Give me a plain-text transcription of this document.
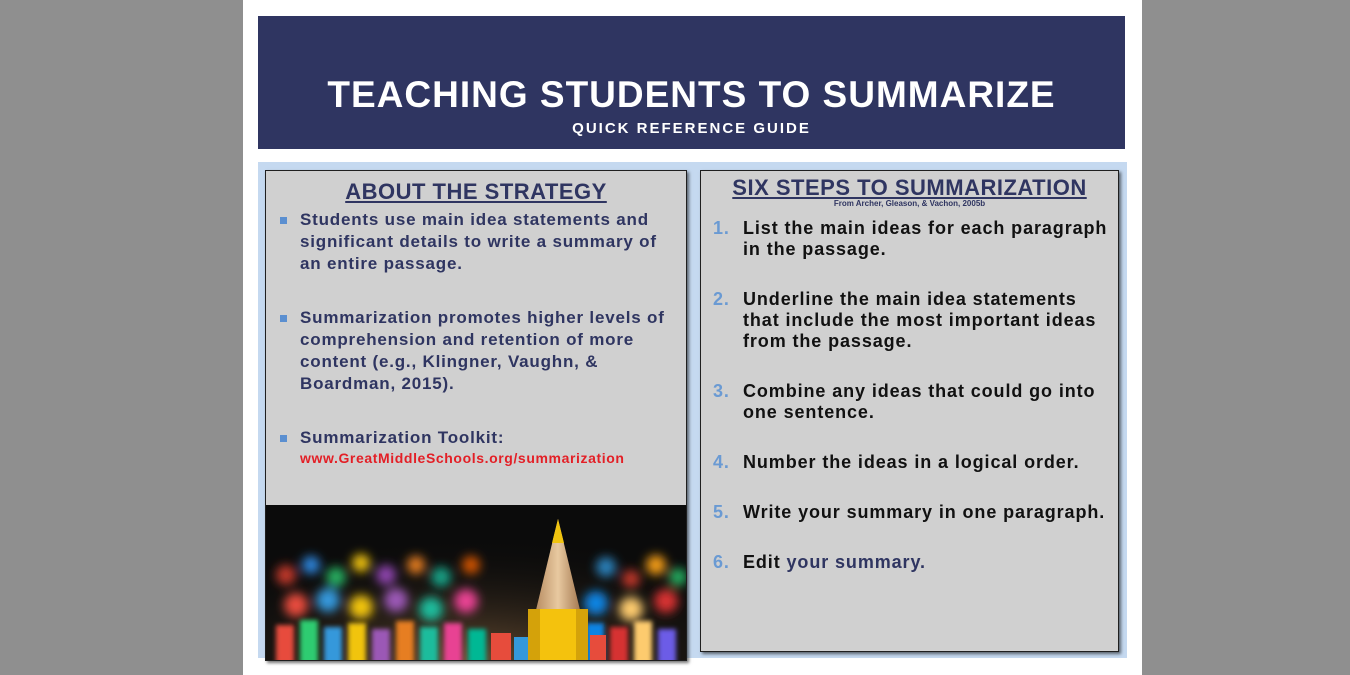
TEACHING STUDENTS TO SUMMARIZE
QUICK REFERENCE GUIDE
ABOUT THE STRATEGY
Students use main idea statements and significant details to write a summary of an entire passage.
Summarization promotes higher levels of comprehension and retention of more content (e.g., Klingner, Vaughn, & Boardman, 2015).
Summarization Toolkit:
www.GreatMiddleSchools.org/summarization
SIX STEPS TO SUMMARIZATION
From Archer, Gleason, & Vachon, 2005b
1. List the main ideas for each paragraph in the passage.
2. Underline the main idea statements that include the most important ideas from the passage.
3. Combine any ideas that could go into one sentence.
4. Number the ideas in a logical order.
5. Write your summary in one paragraph.
6. Edit your summary.
